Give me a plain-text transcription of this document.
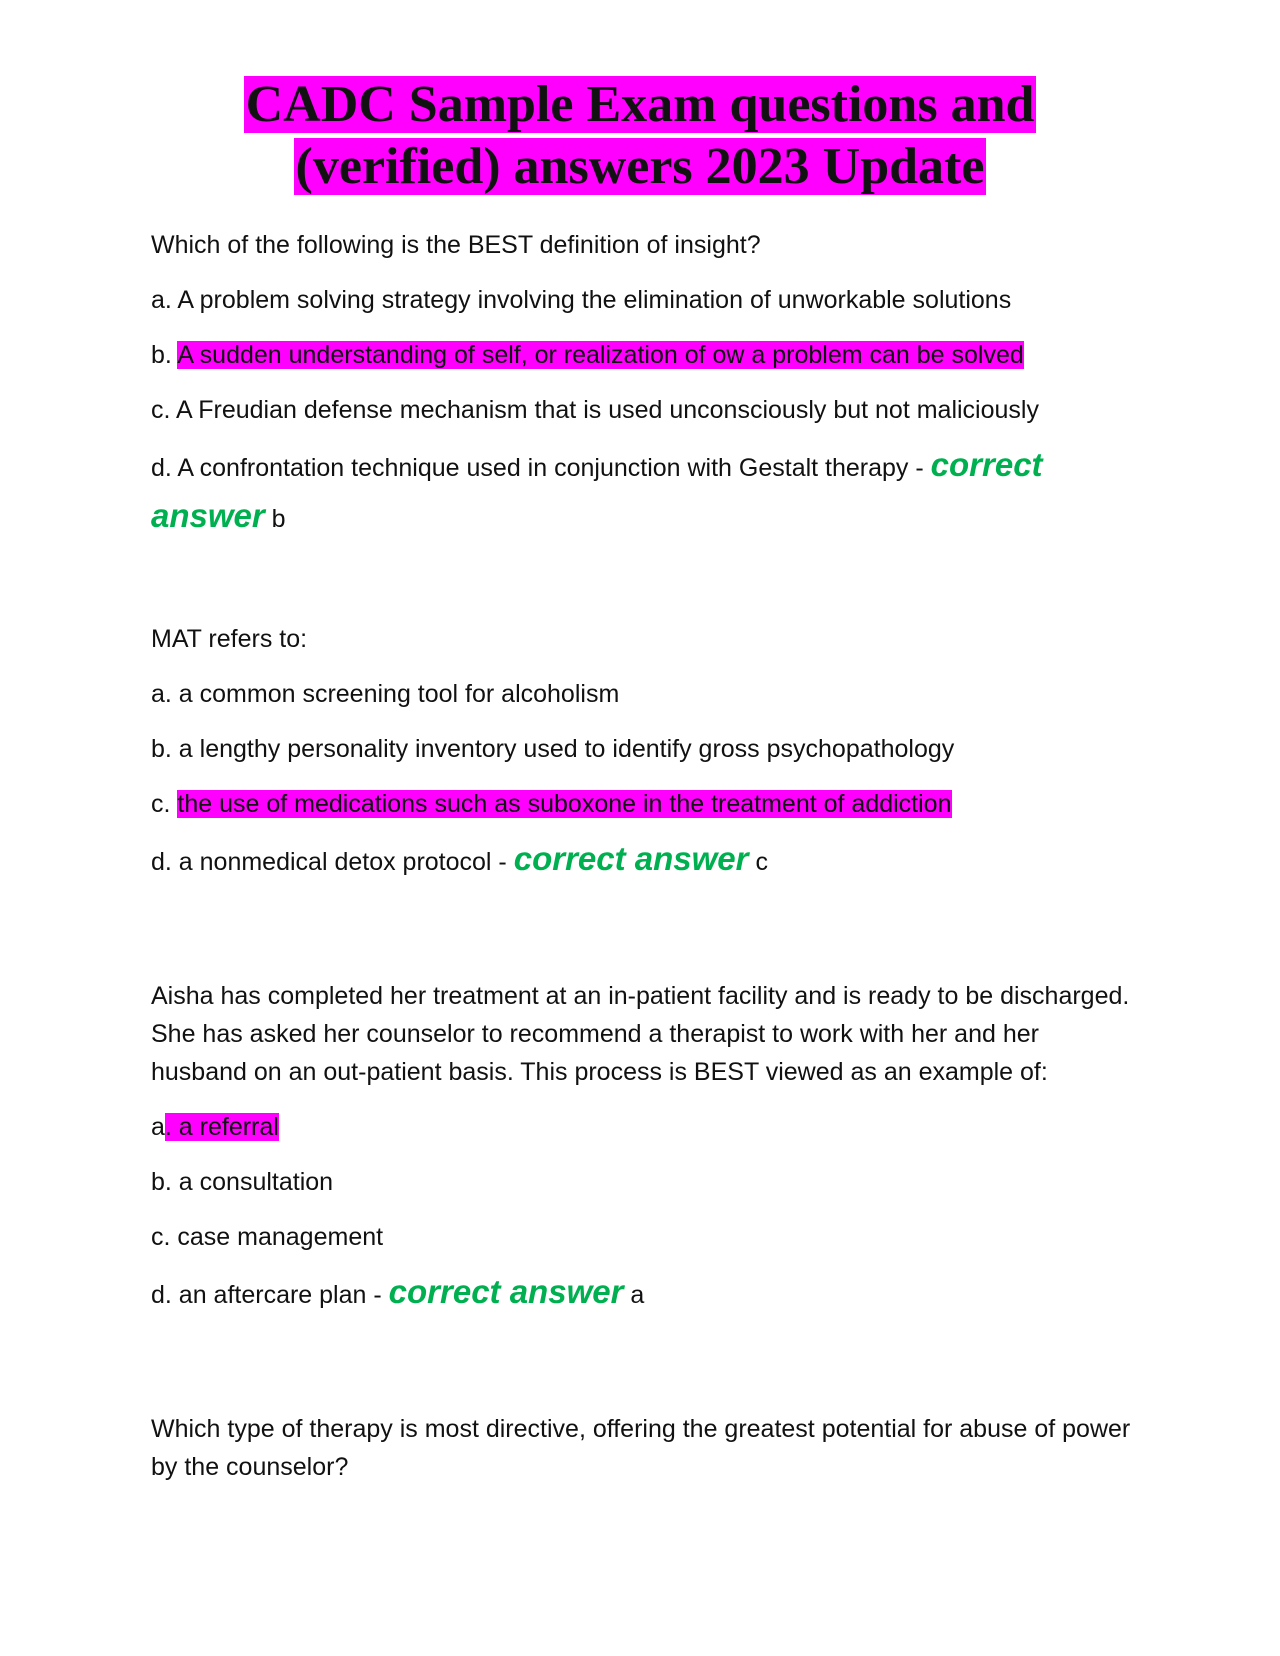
CADC Sample Exam questions and
(verified) answers 2023 Update

Which of the following is the BEST definition of insight?

a. A problem solving strategy involving the elimination of unworkable solutions

b. A sudden understanding of self, or realization of ow a problem can be solved

c. A Freudian defense mechanism that is used unconsciously but not maliciously

d. A confrontation technique used in conjunction with Gestalt therapy - correct
answer b

MAT refers to:

a. a common screening tool for alcoholism

b. a lengthy personality inventory used to identify gross psychopathology

c. the use of medications such as suboxone in the treatment of addiction

d. a nonmedical detox protocol - correct answer c

Aisha has completed her treatment at an in-patient facility and is ready to be discharged. She has asked her counselor to recommend a therapist to work with her and her husband on an out-patient basis. This process is BEST viewed as an example of:

a. a referral

b. a consultation

c. case management

d. an aftercare plan - correct answer a

Which type of therapy is most directive, offering the greatest potential for abuse of power by the counselor?
